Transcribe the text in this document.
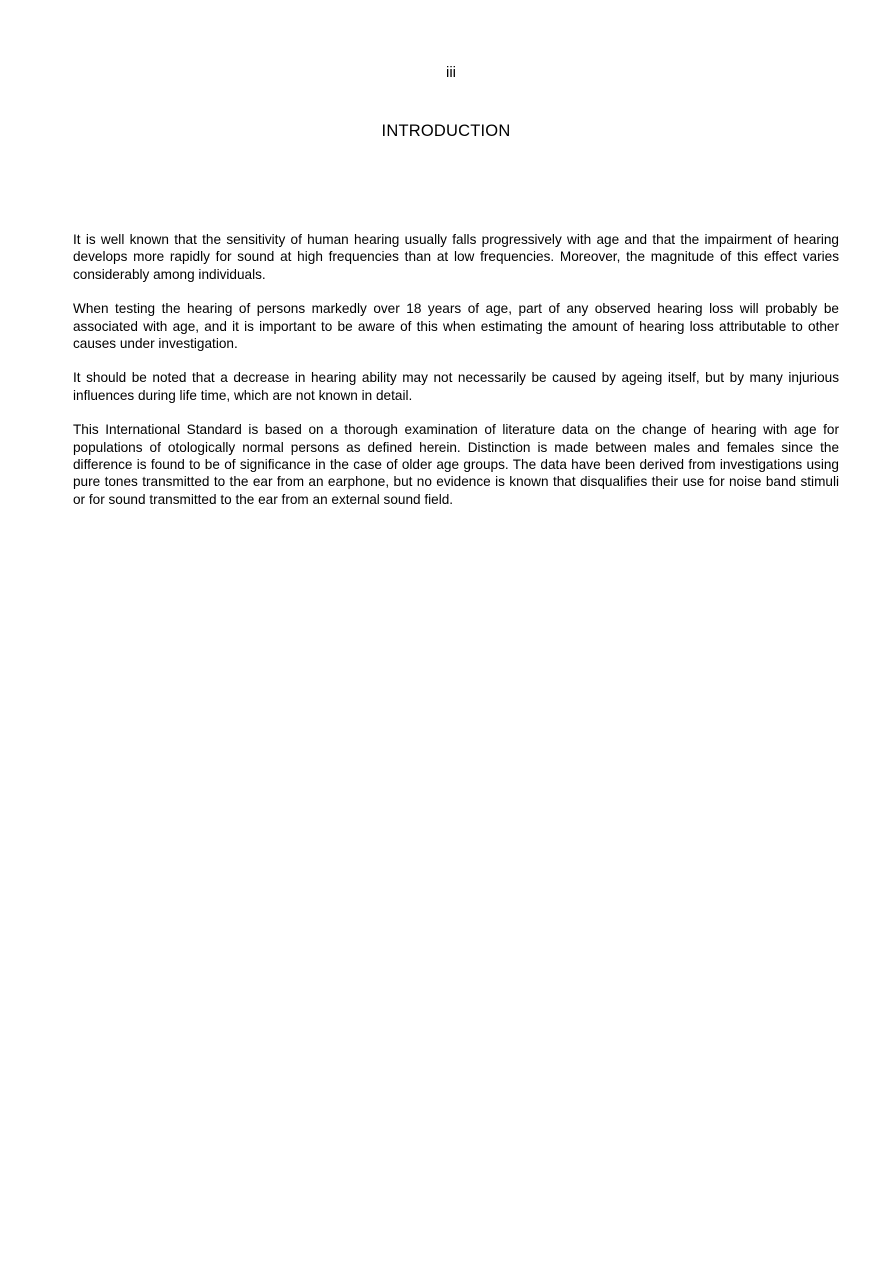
iii
INTRODUCTION

It is well known that the sensitivity of human hearing usually falls progressively with age and that the impairment of hearing develops more rapidly for sound at high frequencies than at low frequencies. Moreover, the magnitude of this effect varies considerably among individuals.

When testing the hearing of persons markedly over 18 years of age, part of any observed hearing loss will probably be associated with age, and it is important to be aware of this when estimating the amount of hearing loss attributable to other causes under investigation.

It should be noted that a decrease in hearing ability may not necessarily be caused by ageing itself, but by many injurious influences during life time, which are not known in detail.

This International Standard is based on a thorough examination of literature data on the change of hearing with age for populations of otologically normal persons as defined herein. Distinction is made between males and females since the difference is found to be of significance in the case of older age groups. The data have been derived from investigations using pure tones transmitted to the ear from an earphone, but no evidence is known that disqualifies their use for noise band stimuli or for sound transmitted to the ear from an external sound field.
